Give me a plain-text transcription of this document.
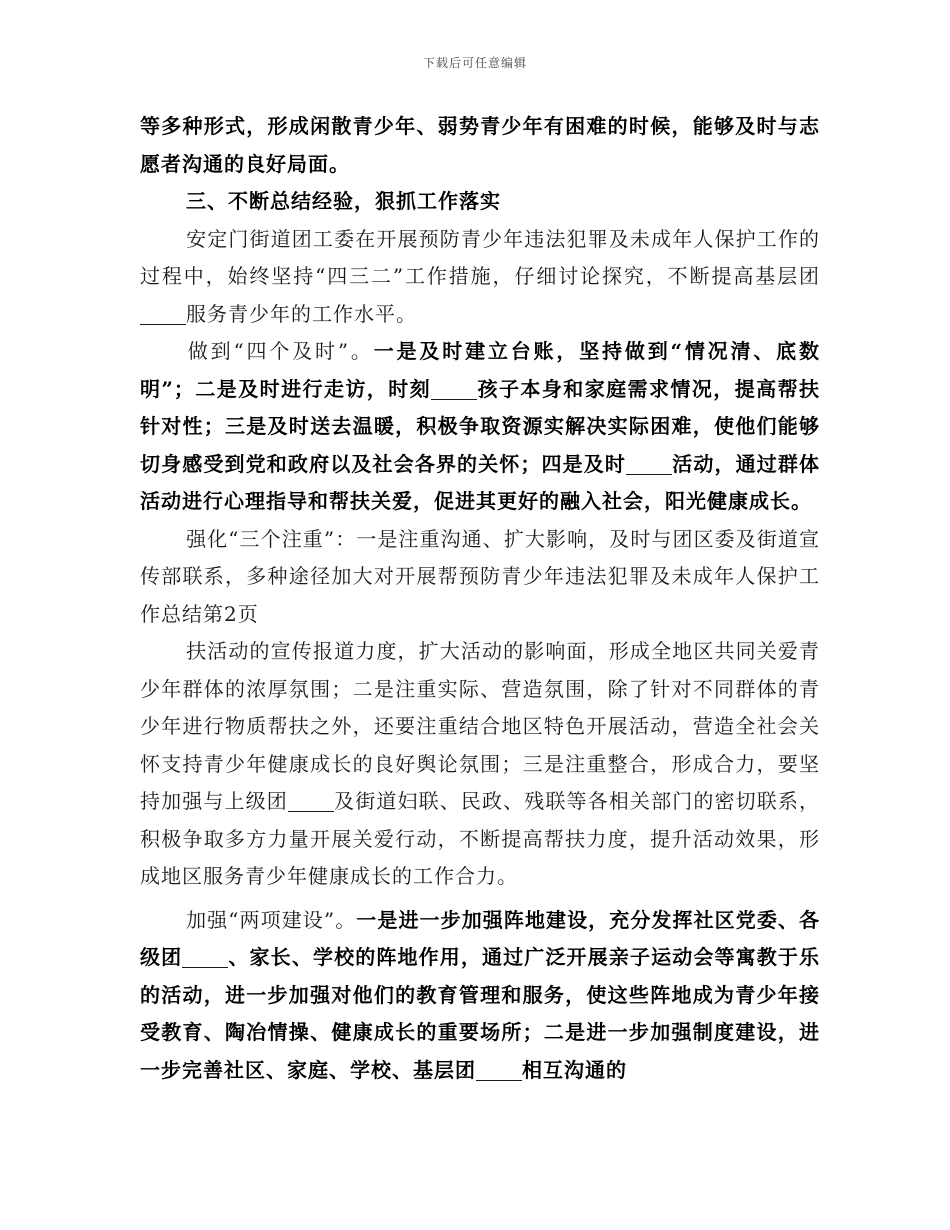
下载后可任意编辑

等多种形式，形成闲散青少年、弱势青少年有困难的时候，能够及时与志愿者沟通的良好局面。

三、不断总结经验，狠抓工作落实

安定门街道团工委在开展预防青少年违法犯罪及未成年人保护工作的过程中，始终坚持“四三二”工作措施，仔细讨论探究，不断提高基层团服务青少年的工作水平。

做到“四个及时”。一是及时建立台账，坚持做到“情况清、底数明”；二是及时进行走访，时刻 孩子本身和家庭需求情况，提高帮扶针对性；三是及时送去温暖，积极争取资源实解决实际困难，使他们能够切身感受到党和政府以及社会各界的关怀；四是及时 活动，通过群体活动进行心理指导和帮扶关爱，促进其更好的融入社会，阳光健康成长。

强化“三个注重”：一是注重沟通、扩大影响，及时与团区委及街道宣传部联系，多种途径加大对开展帮预防青少年违法犯罪及未成年人保护工作总结第2页

扶活动的宣传报道力度，扩大活动的影响面，形成全地区共同关爱青少年群体的浓厚氛围；二是注重实际、营造氛围，除了针对不同群体的青少年进行物质帮扶之外，还要注重结合地区特色开展活动，营造全社会关怀支持青少年健康成长的良好舆论氛围；三是注重整合，形成合力，要坚持加强与上级团 及街道妇联、民政、残联等各相关部门的密切联系，积极争取多方力量开展关爱行动，不断提高帮扶力度，提升活动效果，形成地区服务青少年健康成长的工作合力。

加强“两项建设”。一是进一步加强阵地建设，充分发挥社区党委、各级团 、家长、学校的阵地作用，通过广泛开展亲子运动会等寓教于乐的活动，进一步加强对他们的教育管理和服务，使这些阵地成为青少年接受教育、陶冶情操、健康成长的重要场所；二是进一步加强制度建设，进一步完善社区、家庭、学校、基层团 相互沟通的
